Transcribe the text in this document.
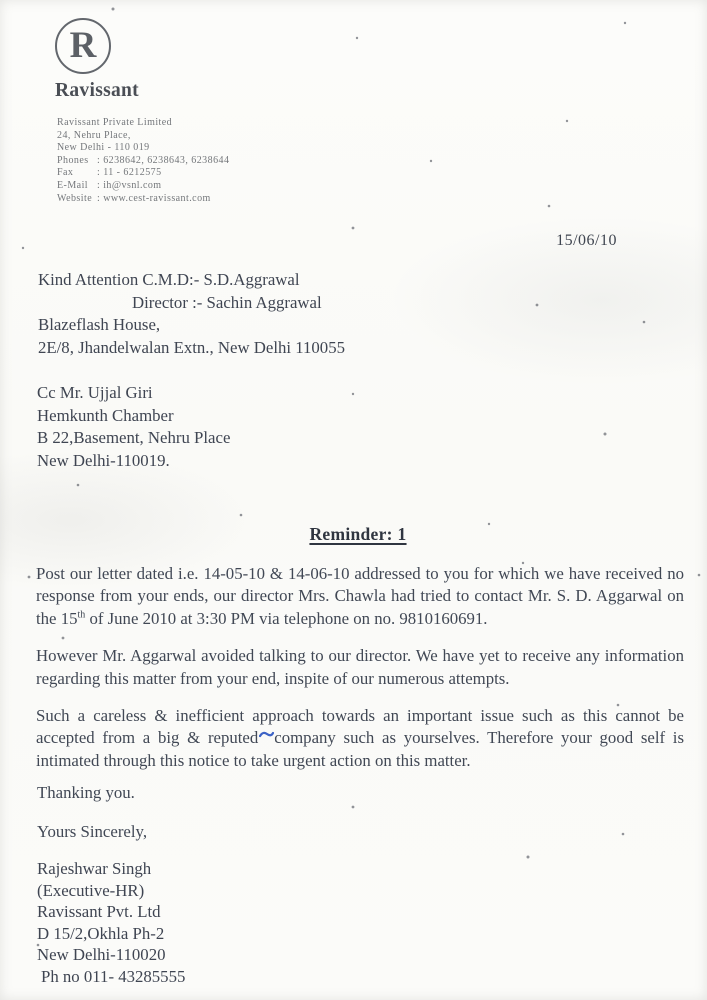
R
Ravissant
Ravissant Private Limited
24, Nehru Place,
New Delhi - 110 019
Phones : 6238642, 6238643, 6238644
Fax : 11 - 6212575
E-Mail : ih@vsnl.com
Website : www.cest-ravissant.com
15/06/10
Kind Attention C.M.D:- S.D.Aggrawal
Director :- Sachin Aggrawal
Blazeflash House,
2E/8, Jhandelwalan Extn., New Delhi 110055
Cc Mr. Ujjal Giri
Hemkunth Chamber
B 22,Basement, Nehru Place
New Delhi-110019.
Reminder: 1

Post our letter dated i.e. 14-05-10 & 14-06-10 addressed to you for which we have received no response from your ends, our director Mrs. Chawla had tried to contact Mr. S. D. Aggarwal on the 15th of June 2010 at 3:30 PM via telephone on no. 9810160691.

However Mr. Aggarwal avoided talking to our director. We have yet to receive any information regarding this matter from your end, inspite of our numerous attempts.

Such a careless & inefficient approach towards an important issue such as this cannot be accepted from a big & reputed company such as yourselves. Therefore your good self is intimated through this notice to take urgent action on this matter.

Thanking you.
Yours Sincerely,
Rajeshwar Singh
(Executive-HR)
Ravissant Pvt. Ltd
D 15/2,Okhla Ph-2
New Delhi-110020
Ph no 011- 43285555
